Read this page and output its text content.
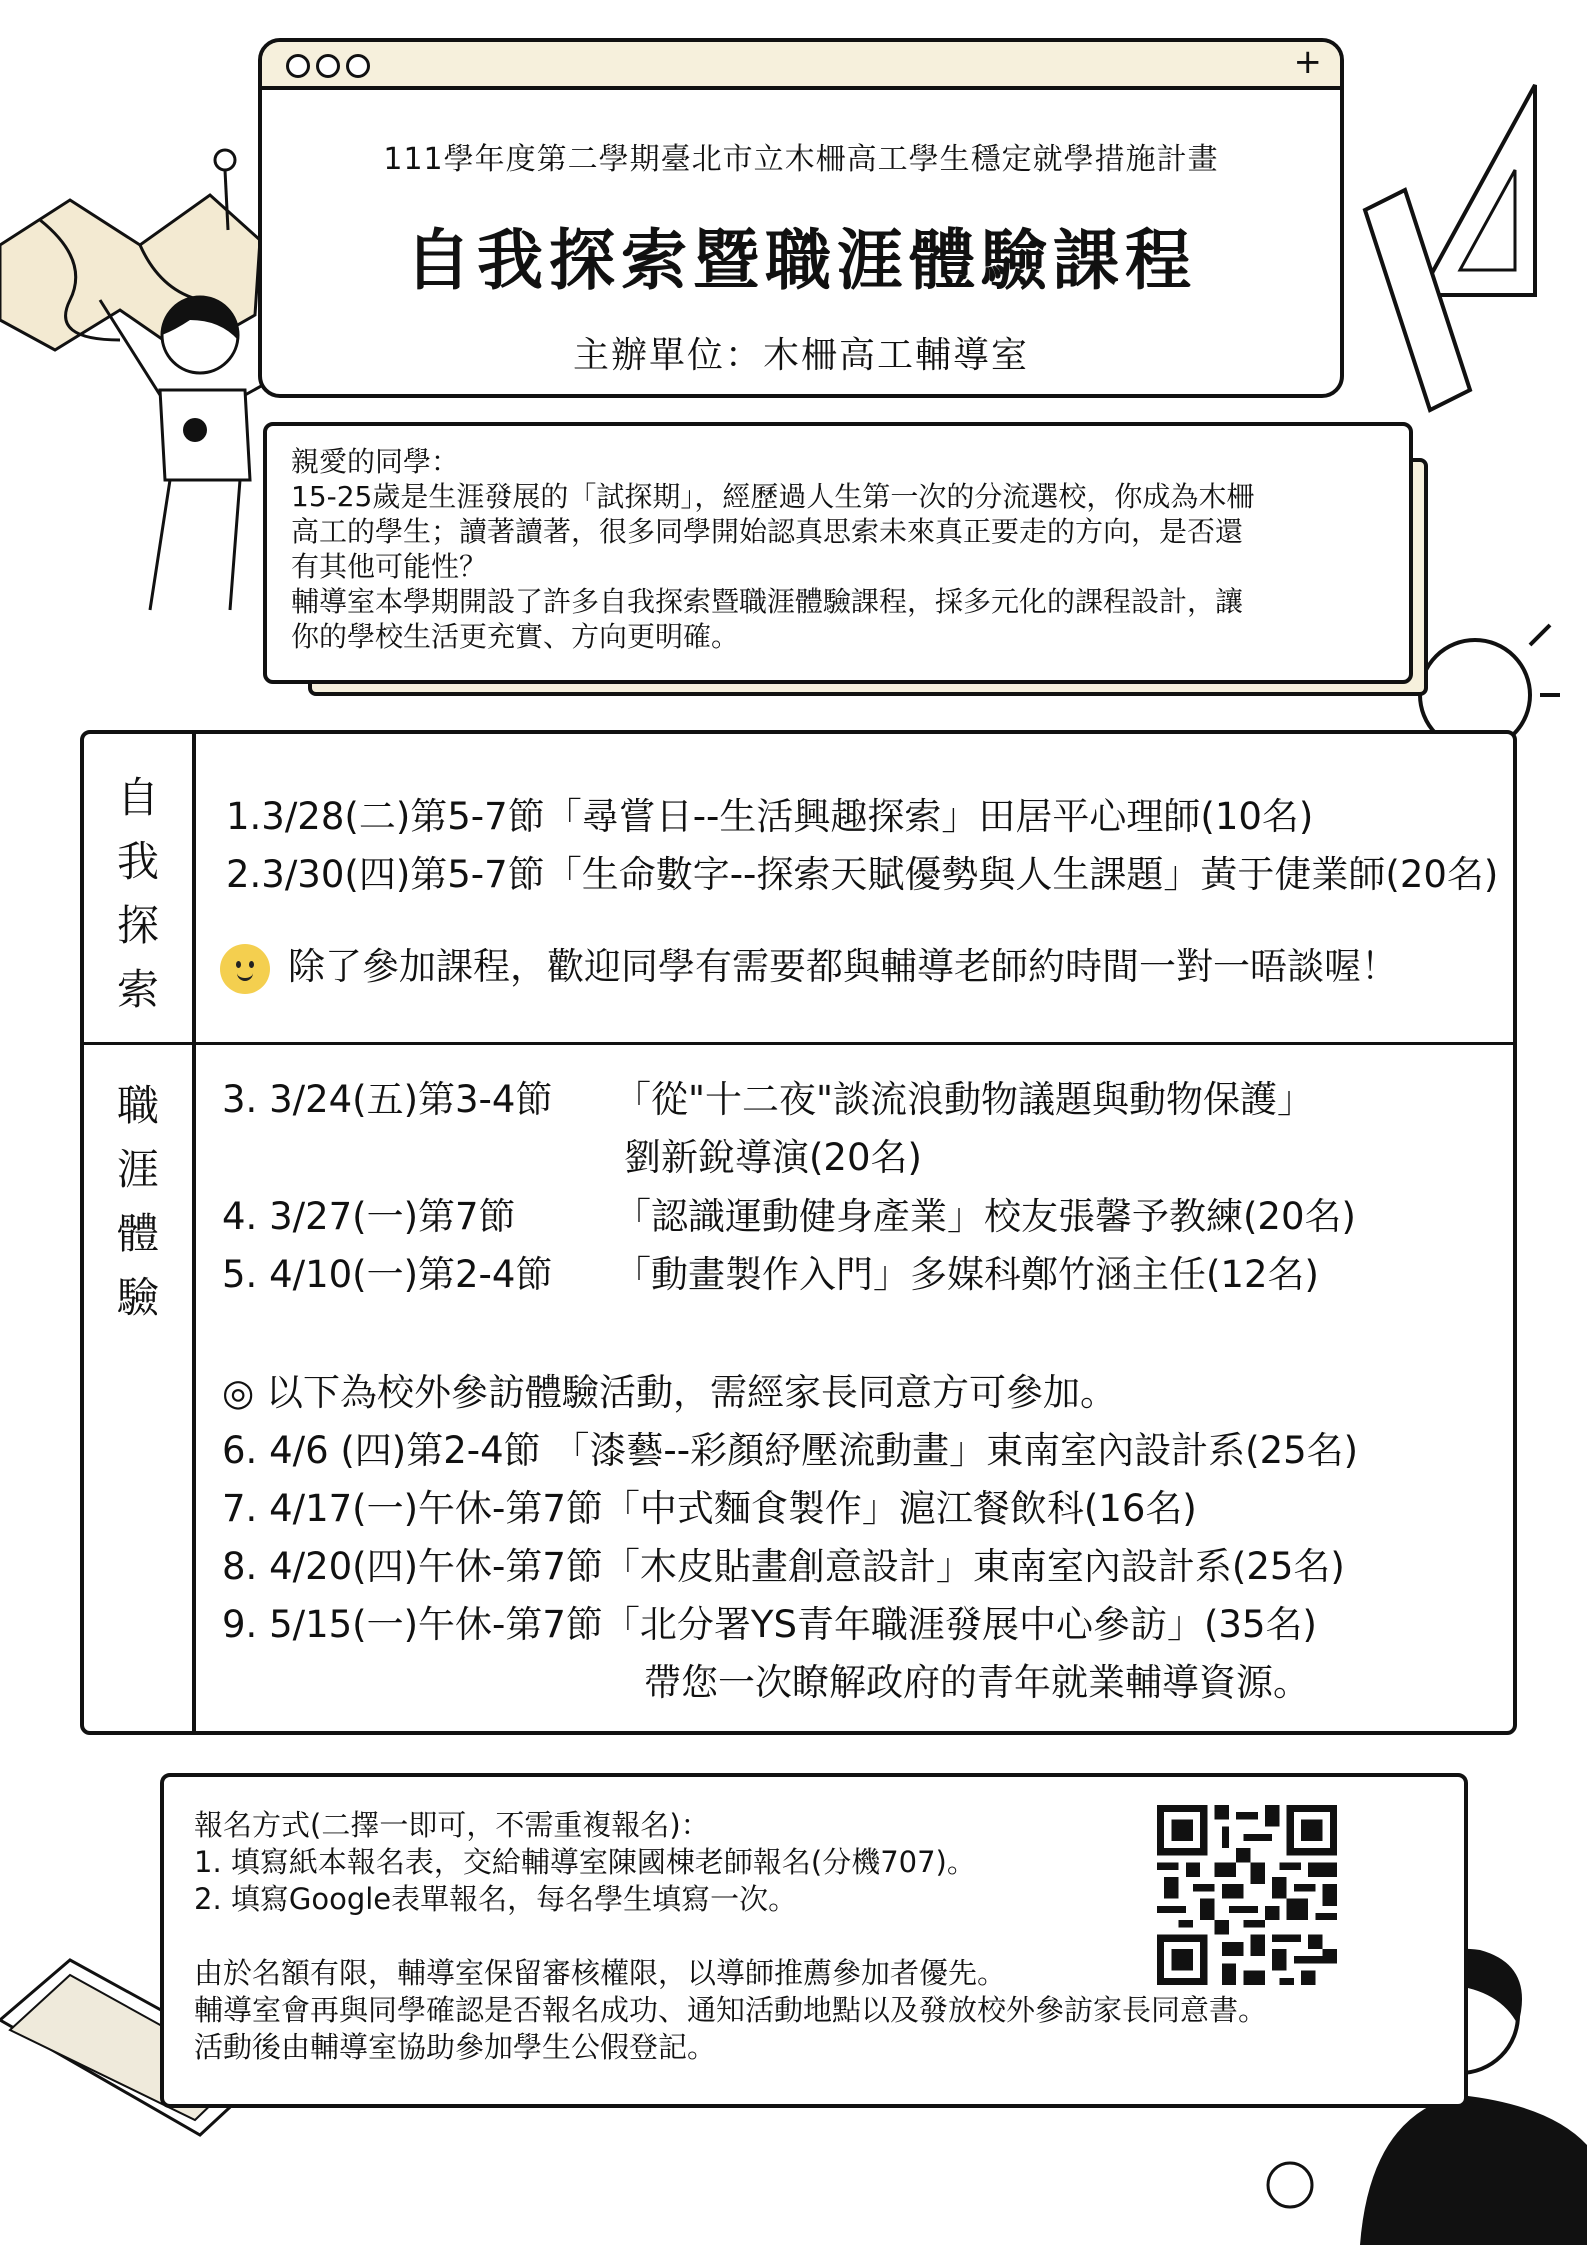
+
111學年度第二學期臺北市立木柵高工學生穩定就學措施計畫
自我探索暨職涯體驗課程
主辦單位：木柵高工輔導室
親愛的同學：
15-25歲是生涯發展的「試探期」，經歷過人生第一次的分流選校，你成為木柵
高工的學生；讀著讀著，很多同學開始認真思索未來真正要走的方向，是否還
有其他可能性？
輔導室本學期開設了許多自我探索暨職涯體驗課程，採多元化的課程設計，讓
你的學校生活更充實、方向更明確。
自
我
探
索
1.3/28(二)第5-7節「尋嘗日--生活興趣探索」田居平心理師(10名)
2.3/30(四)第5-7節「生命數字--探索天賦優勢與人生課題」黃于倢業師(20名)
除了參加課程，歡迎同學有需要都與輔導老師約時間一對一晤談喔！
職
涯
體
驗
3. 3/24(五)第3-4節 「從"十二夜"談流浪動物議題與動物保護」
劉新銳導演(20名)
4. 3/27(一)第7節	「認識運動健身產業」校友張馨予教練(20名)
5. 4/10(一)第2-4節 「動畫製作入門」多媒科鄭竹涵主任(12名)
◎ 以下為校外參訪體驗活動，需經家長同意方可參加。
6. 4/6 (四)第2-4節 「漆藝--彩顏紓壓流動畫」東南室內設計系(25名)
7. 4/17(一)午休-第7節「中式麵食製作」滬江餐飲科(16名)
8. 4/20(四)午休-第7節「木皮貼畫創意設計」東南室內設計系(25名)
9. 5/15(一)午休-第7節「北分署YS青年職涯發展中心參訪」(35名)
帶您一次瞭解政府的青年就業輔導資源。
報名方式(二擇一即可，不需重複報名)：
1. 填寫紙本報名表，交給輔導室陳國棟老師報名(分機707)。
2. 填寫Google表單報名，每名學生填寫一次。
由於名額有限，輔導室保留審核權限，以導師推薦參加者優先。
輔導室會再與同學確認是否報名成功、通知活動地點以及發放校外參訪家長同意書。
活動後由輔導室協助參加學生公假登記。
